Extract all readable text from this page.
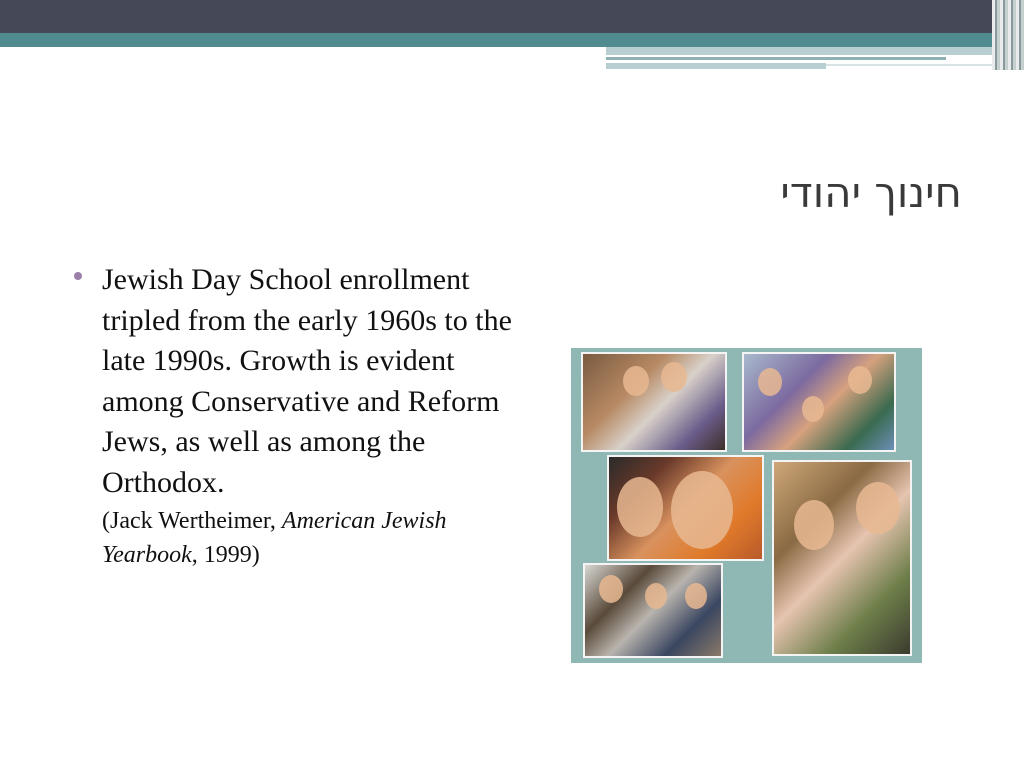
חינוך יהודי
Jewish Day School enrollment tripled from the early 1960s to the late 1990s. Growth is evident among Conservative and Reform Jews, as well as among the Orthodox.
(Jack Wertheimer, American Jewish Yearbook, 1999)
